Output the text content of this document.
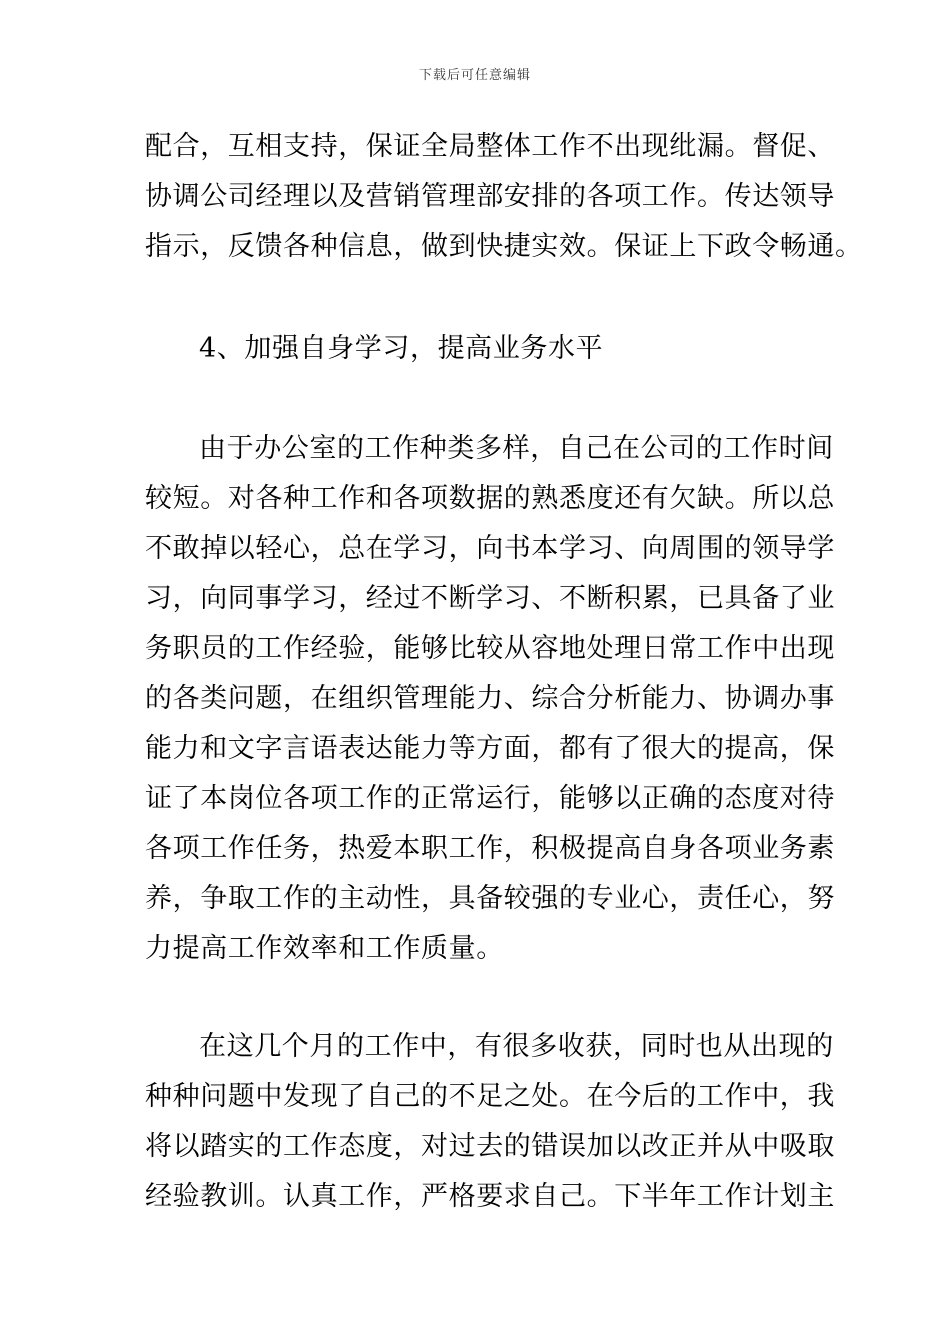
下载后可任意编辑
配合，互相支持，保证全局整体工作不出现纰漏。督促、
协调公司经理以及营销管理部安排的各项工作。传达领导
指示，反馈各种信息，做到快捷实效。保证上下政令畅通。
4、加强自身学习，提高业务水平
由于办公室的工作种类多样，自己在公司的工作时间
较短。对各种工作和各项数据的熟悉度还有欠缺。所以总
不敢掉以轻心，总在学习，向书本学习、向周围的领导学
习，向同事学习，经过不断学习、不断积累，已具备了业
务职员的工作经验，能够比较从容地处理日常工作中出现
的各类问题，在组织管理能力、综合分析能力、协调办事
能力和文字言语表达能力等方面，都有了很大的提高，保
证了本岗位各项工作的正常运行，能够以正确的态度对待
各项工作任务，热爱本职工作，积极提高自身各项业务素
养，争取工作的主动性，具备较强的专业心，责任心，努
力提高工作效率和工作质量。
在这几个月的工作中，有很多收获，同时也从出现的
种种问题中发现了自己的不足之处。在今后的工作中，我
将以踏实的工作态度，对过去的错误加以改正并从中吸取
经验教训。认真工作，严格要求自己。下半年工作计划主
